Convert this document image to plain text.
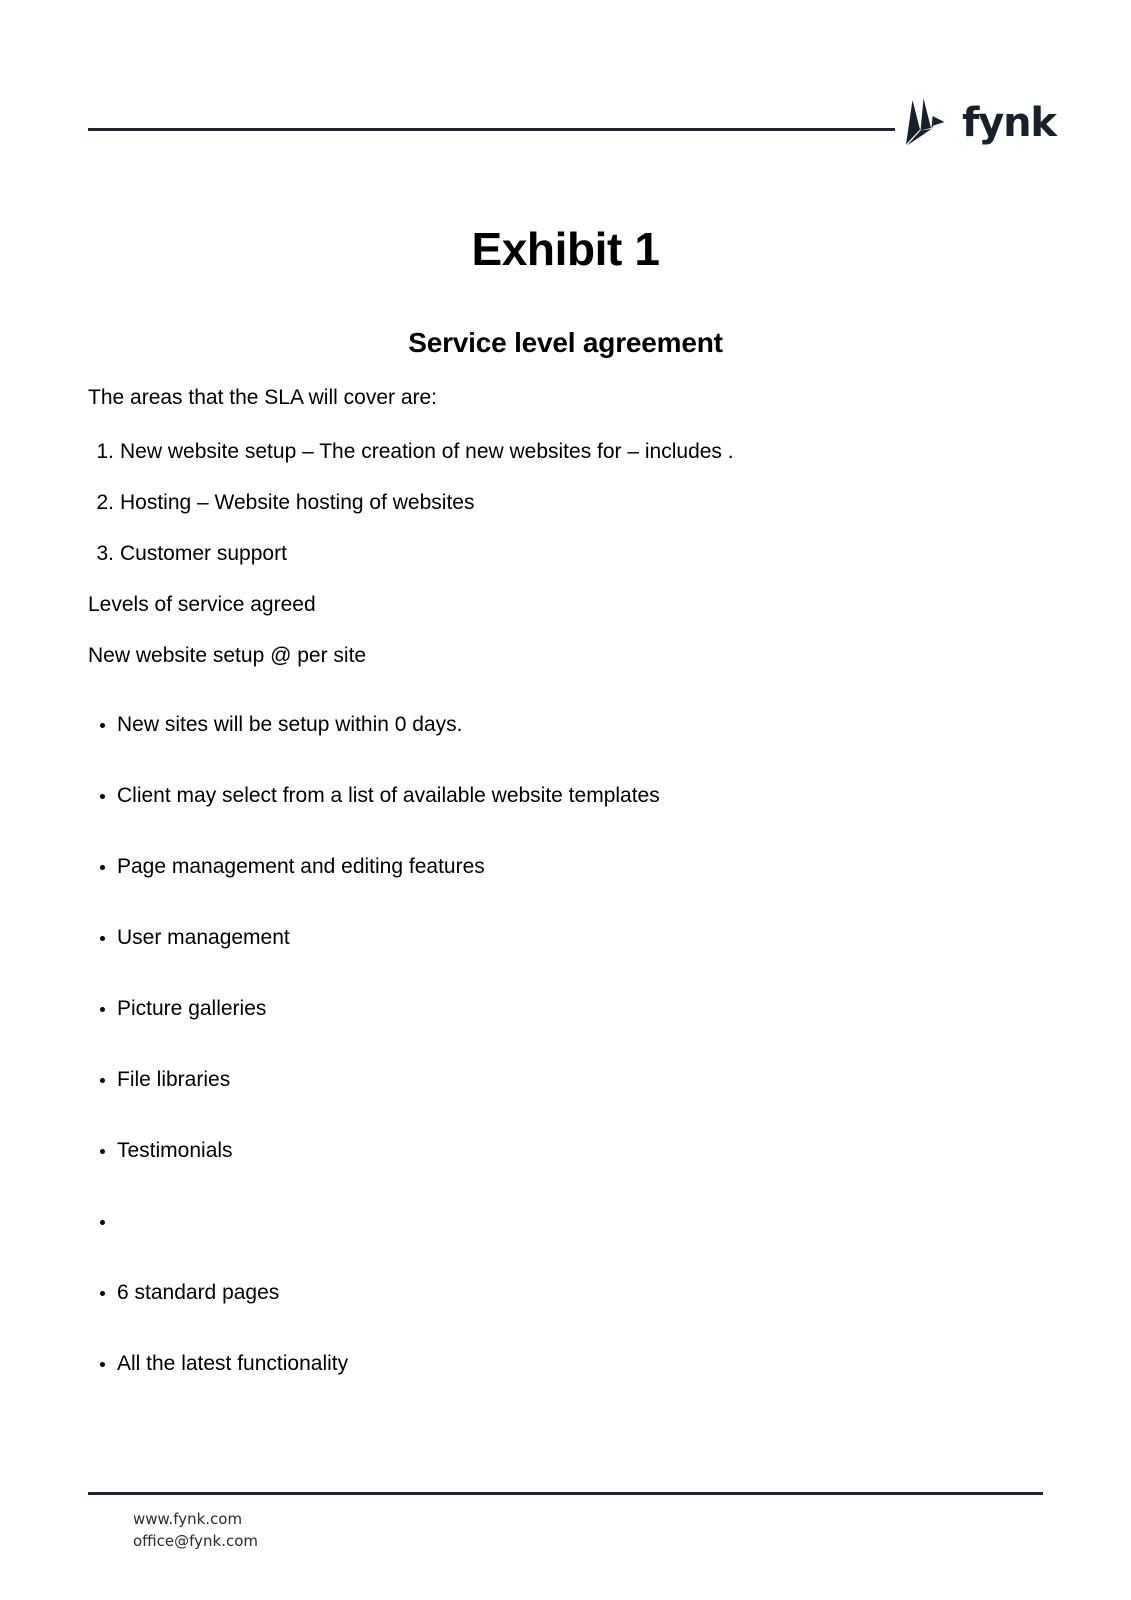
fynk
Exhibit 1
Service level agreement

The areas that the SLA will cover are:

1. New website setup – The creation of new websites for – includes .
2. Hosting – Website hosting of websites
3. Customer support

Levels of service agreed

New website setup @ per site

New sites will be setup within 0 days.
Client may select from a list of available website templates
Page management and editing features
User management
Picture galleries
File libraries
Testimonials
6 standard pages
All the latest functionality
www.fynk.com
office@fynk.com
